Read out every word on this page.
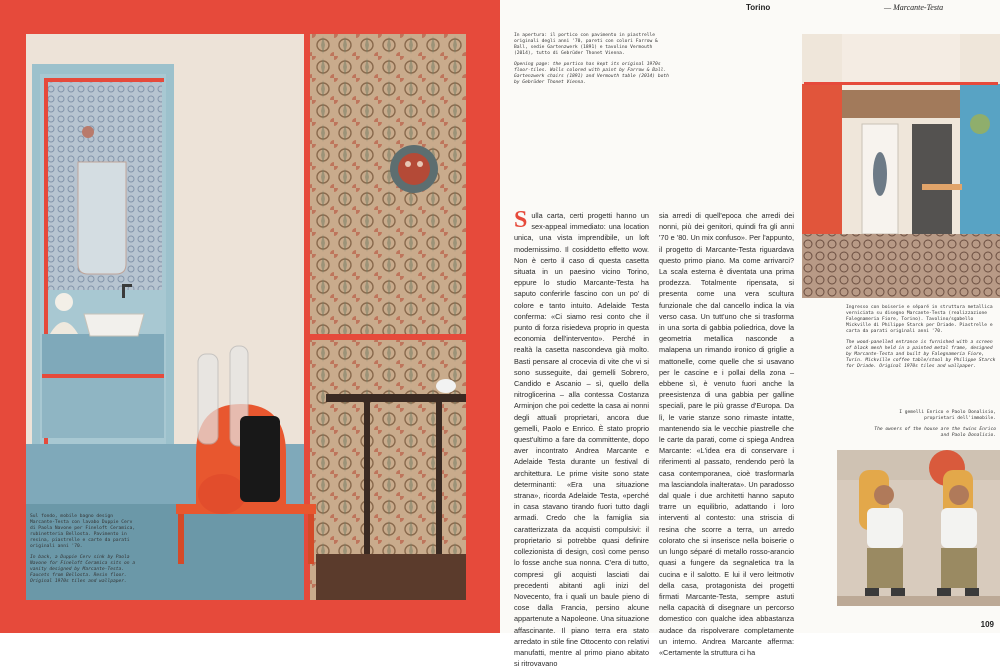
Sul fondo, mobile bagno design Marcante-Testa con lavabo Duppie Cerv di Paola Navone per Fineloft Ceramica, rubinetteria Bellosta. Pavimento in resina, piastrelle e carte da parati originali anni '70.
In back, a Duppie Cerv sink by Paola Navone for Fineloft Ceramica sits on a vanity designed by Marcante-Testa. Faucets from Bellosta. Resin floor. Original 1970s tiles and wallpaper.
Torino	— Marcante-Testa
In apertura: il portico con pavimento in piastrelle originali degli anni '70, pareti con colori Farrow & Ball, sedie Gartenzwerk (1891) e tavolino Vermouth (2014), tutto di Gebrüder Thonet Vienna.
Opening page: the portico has kept its original 1970s floor-tiles. Walls colored with paint by Farrow & Ball. Gartenzwerk chairs (1891) and Vermouth table (2014) both by Gebrüder Thonet Vienna.
Sulla carta, certi progetti hanno un sex-appeal immediato: una location unica, una vista imprendibile, un loft modernissimo. Il cosiddetto effetto wow. Non è certo il caso di questa casetta situata in un paesino vicino Torino, eppure lo studio Marcante-Testa ha saputo conferirle fascino con un po' di colore e tanto intuito. Adelaide Testa conferma: «Ci siamo resi conto che il punto di forza risiedeva proprio in questa economia dell'intervento». Perché in realtà la casetta nascondeva già molto. Basti pensare al crocevia di vite che vi si sono susseguite, dai gemelli Sobrero, Candido e Ascanio – sì, quello della nitroglicerina – alla contessa Costanza Arminjon che poi cedette la casa ai nonni degli attuali proprietari, ancora due gemelli, Paolo e Enrico. È stato proprio quest'ultimo a fare da committente, dopo aver incontrato Andrea Marcante e Adelaide Testa durante un festival di architettura. Le prime visite sono state determinanti: «Era una situazione strana», ricorda Adelaide Testa, «perché in casa stavano tirando fuori tutto dagli armadi. Credo che la famiglia sia caratterizzata da acquisti compulsivi: il proprietario si potrebbe quasi definire collezionista di design, così come penso lo fosse anche sua nonna. C'era di tutto, compresi gli acquisti lasciati dai precedenti abitanti agli inizi del Novecento, fra i quali un baule pieno di cose dalla Francia, persino alcune appartenute a Napoleone. Una situazione affascinante. Il piano terra era stato arredato in stile fine Ottocento con relativi manufatti, mentre al primo piano abitato si ritrovavano
sia arredi di quell'epoca che arredi dei nonni, più dei genitori, quindi fra gli anni '70 e '80. Un mix confuso». Per l'appunto, il progetto di Marcante-Testa riguardava questo primo piano. Ma come arrivarci? La scala esterna è diventata una prima prodezza. Totalmente ripensata, si presenta come una vera scultura funzionale che dal cancello indica la via verso casa. Un tutt'uno che si trasforma in una sorta di gabbia poliedrica, dove la geometria metallica nasconde a malapena un rimando ironico di griglie a mattonelle, come quelle che si usavano per le cascine e i pollai della zona – ebbene sì, è venuto fuori anche la preesistenza di una gabbia per galline speciali, pare le più grasse d'Europa. Da lì, le varie stanze sono rimaste intatte, mantenendo sia le vecchie piastrelle che le carte da parati, come ci spiega Andrea Marcante: «L'idea era di conservare i riferimenti al passato, rendendo però la casa contemporanea, cioè trasformarla ma lasciandola inalterata». Un paradosso dal quale i due architetti hanno saputo trarre un equilibrio, adattando i loro interventi al contesto: una striscia di resina che scorre a terra, un arredo colorato che si inserisce nella boiserie o un lungo séparé di metallo rosso-arancio quasi a fungere da segnaletica tra la cucina e il salotto. E lui il vero leitmotiv della casa, protagonista dei progetti firmati Marcante-Testa, sempre astuti nella capacità di disegnare un percorso domestico con qualche idea abbastanza audace da rispolverare completamente un interno. Andrea Marcante afferma: «Certamente la struttura ci ha
Ingresso con boiserie e séparé in struttura metallica verniciata su disegno Marcante-Testa (realizzazione Falegnameria Fiore, Torino). Tavolino/sgabello Mickville di Philippe Starck per Driade. Piastrelle e carta da parati originali anni '70.
The wood-panelled entrance is furnished with a screen of black mesh held in a painted metal frame, designed by Marcante-Testa and built by Falegnameria Fiore, Turin. Mickville coffee table/stool by Philippe Starck for Driade. Original 1970s tiles and wallpaper.
I gemelli Enrico e Paolo Donalisio, proprietari dell'immobile.
The owners of the house are the twins Enrico and Paolo Donalisio.
109
